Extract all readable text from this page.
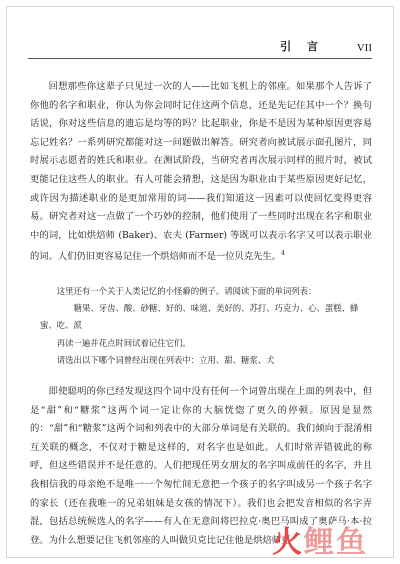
引 言	VII

回想那些你这辈子只见过一次的人——比如飞机上的邻座。如果那个人告诉了你他的名字和职业，你认为你会同时记住这两个信息，还是先记住其中一个？换句话说，你对这些信息的遗忘是均等的吗？比起职业，你是不是因为某种原因更容易忘记姓名？一系列研究都能对这一问题做出解答。研究者向被试展示面孔图片，同时展示志愿者的姓氏和职业。在测试阶段，当研究者再次展示同样的照片时，被试更能记住这些人的职业。有人可能会猜想，这是因为职业由于某些原因更好记忆，或许因为描述职业的是更加常用的词——我们知道这一因素可以使回忆变得更容易。研究者对这一点做了一个巧妙的控制，他们使用了一些同时出现在名字和职业中的词，比如烘焙师 (Baker)、农夫 (Farmer) 等既可以表示名字又可以表示职业的词。人们仍旧更容易记住一个烘焙师而不是一位贝克先生。$^4$

这里还有一个关于人类记忆的小怪癖的例子。请阅读下面的单词列表：
糖果、牙齿、酸、砂糖、好的、味道、美好的、苏打、巧克力、心、蛋糕、蜂蜜、吃、派
再读一遍并花点时间试着记住它们。
请选出以下哪个词曾经出现在列表中：立用、甜、糖浆、犬

即使聪明的你已经发现这四个词中没有任何一个词曾出现在上面的列表中，但是“甜”和“糖浆”这两个词一定让你的大脑恍惚了更久的停顿。原因是显然的：“甜”和“糖浆”这两个词和列表中的大部分单词是有关联的。我们倾向于混淆相互关联的概念，不仅对于糖是这样的，对名字也是如此。人们时常弄错彼此的称呼，但这些错误并不是任意的。人们把现任男女朋友的名字叫成前任的名字，并且我相信我的母亲绝不是唯一一个匆忙间无意把一个孩子的名字叫成另一个孩子名字的家长（还在我唯一的兄弟姐妹是女孩的情况下）。我们也会把发音相似的名字弄混，包括总统候选人的名字——有人在无意间将巴拉克·奥巴马叫成了奥萨马·本·拉登。为什么想要记住飞机邻座的人叫做贝克比记住他是烘焙师更

火 鲤 鱼
